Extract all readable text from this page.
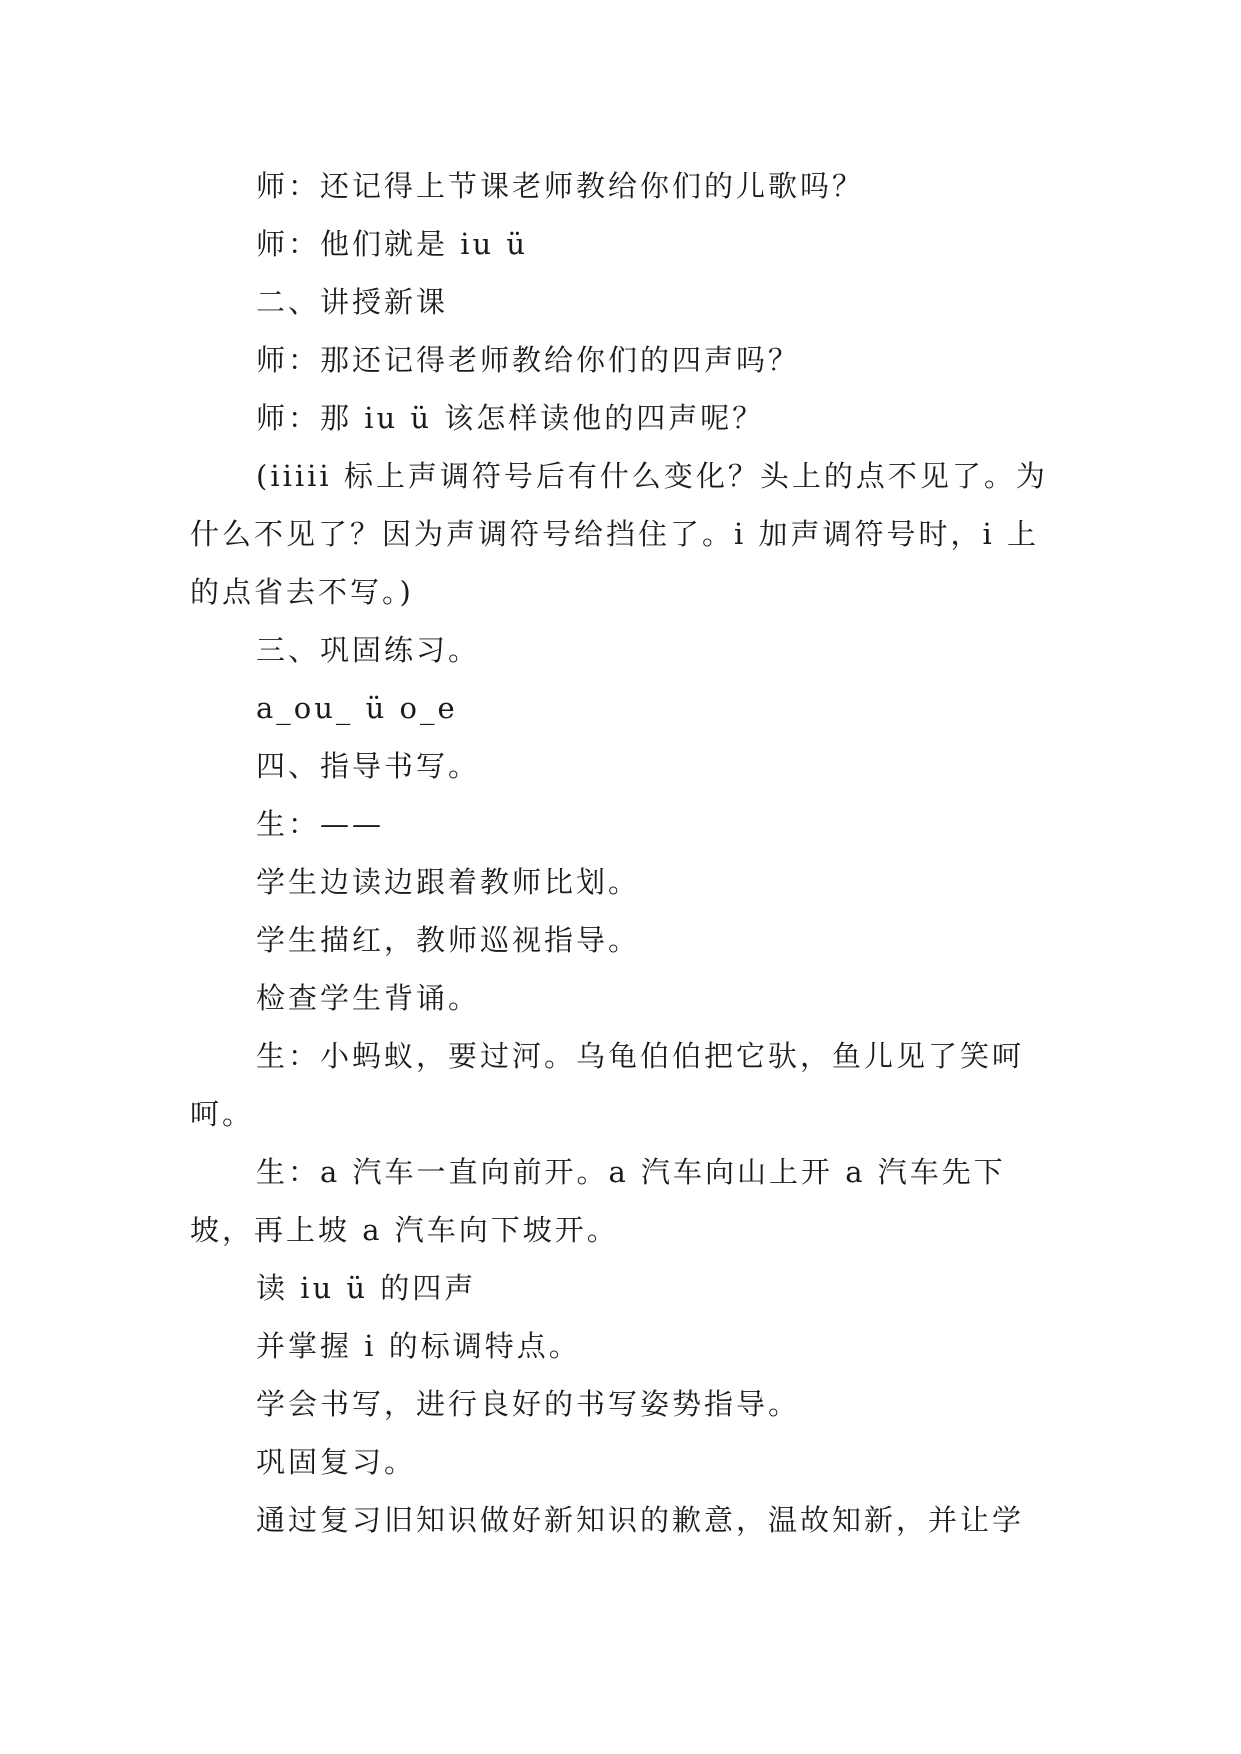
师：还记得上节课老师教给你们的儿歌吗？

师：他们就是 iu ü

二、讲授新课

师：那还记得老师教给你们的四声吗？

师：那 iu ü 该怎样读他的四声呢？

(iiiii 标上声调符号后有什么变化？头上的点不见了。为什么不见了？因为声调符号给挡住了。i 加声调符号时，i 上的点省去不写。)

三、巩固练习。

a_ou_ ü o_e

四、指导书写。

生：——

学生边读边跟着教师比划。

学生描红，教师巡视指导。

检查学生背诵。

生：小蚂蚁，要过河。乌龟伯伯把它驮，鱼儿见了笑呵呵。

生：a 汽车一直向前开。a 汽车向山上开 a 汽车先下坡，再上坡 a 汽车向下坡开。

读 iu ü 的四声

并掌握 i 的标调特点。

学会书写，进行良好的书写姿势指导。

巩固复习。

通过复习旧知识做好新知识的歉意，温故知新，并让学
